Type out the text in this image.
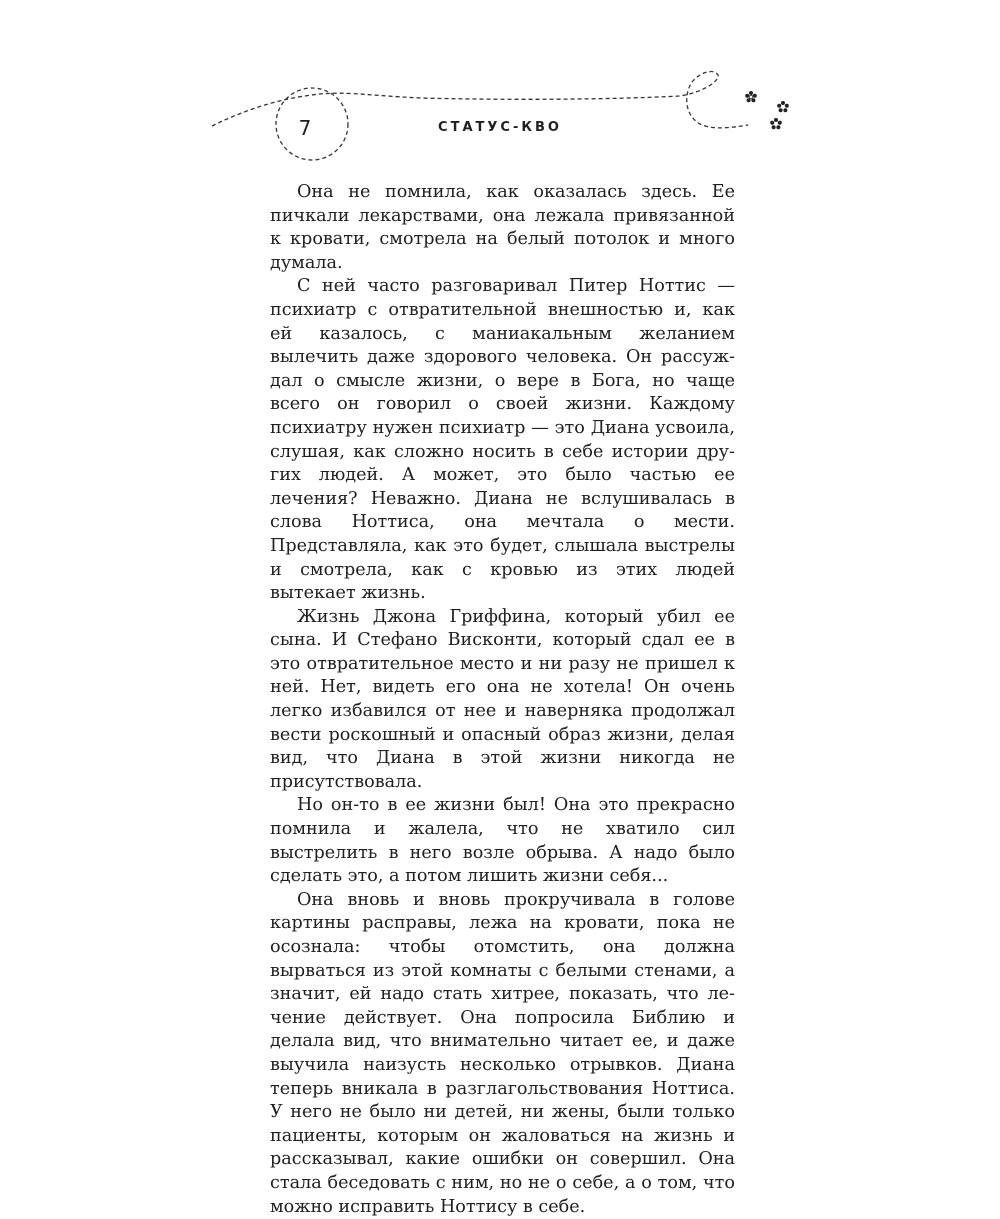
7	СТАТУС-КВО

Она не помнила, как оказалась здесь. Ее пичкали лекарствами, она лежала привязанной к кровати, смотрела на белый потолок и много думала.

С ней часто разговаривал Питер Ноттис — психиатр с отвратительной внешностью и, как ей казалось, с маниакальным желанием вылечить даже здорового человека. Он рассуждал о смысле жизни, о вере в Бога, но чаще всего он говорил о своей жизни. Каждому психиатру нужен психиатр — это Диана усвоила, слушая, как сложно носить в себе истории других людей. А может, это было частью ее лечения? Неважно. Диана не вслушивалась в слова Ноттиса, она мечтала о мести. Представляла, как это будет, слышала выстрелы и смотрела, как с кровью из этих людей вытекает жизнь.

Жизнь Джона Гриффина, который убил ее сына. И Стефано Висконти, который сдал ее в это отвратительное место и ни разу не пришел к ней. Нет, видеть его она не хотела! Он очень легко избавился от нее и наверняка продолжал вести роскошный и опасный образ жизни, делая вид, что Диана в этой жизни никогда не присутствовала.

Но он-то в ее жизни был! Она это прекрасно помнила и жалела, что не хватило сил выстрелить в него возле обрыва. А надо было сделать это, а потом лишить жизни себя...

Она вновь и вновь прокручивала в голове картины расправы, лежа на кровати, пока не осознала: чтобы отомстить, она должна вырваться из этой комнаты с белыми стенами, а значит, ей надо стать хитрее, показать, что лечение действует. Она попросила Библию и делала вид, что внимательно читает ее, и даже выучила наизусть несколько отрывков. Диана теперь вникала в разглагольствования Ноттиса. У него не было ни детей, ни жены, были только пациенты, которым он жаловаться на жизнь и рассказывал, какие ошибки он совершил. Она стала беседовать с ним, но не о себе, а о том, что можно исправить Ноттису в себе.
